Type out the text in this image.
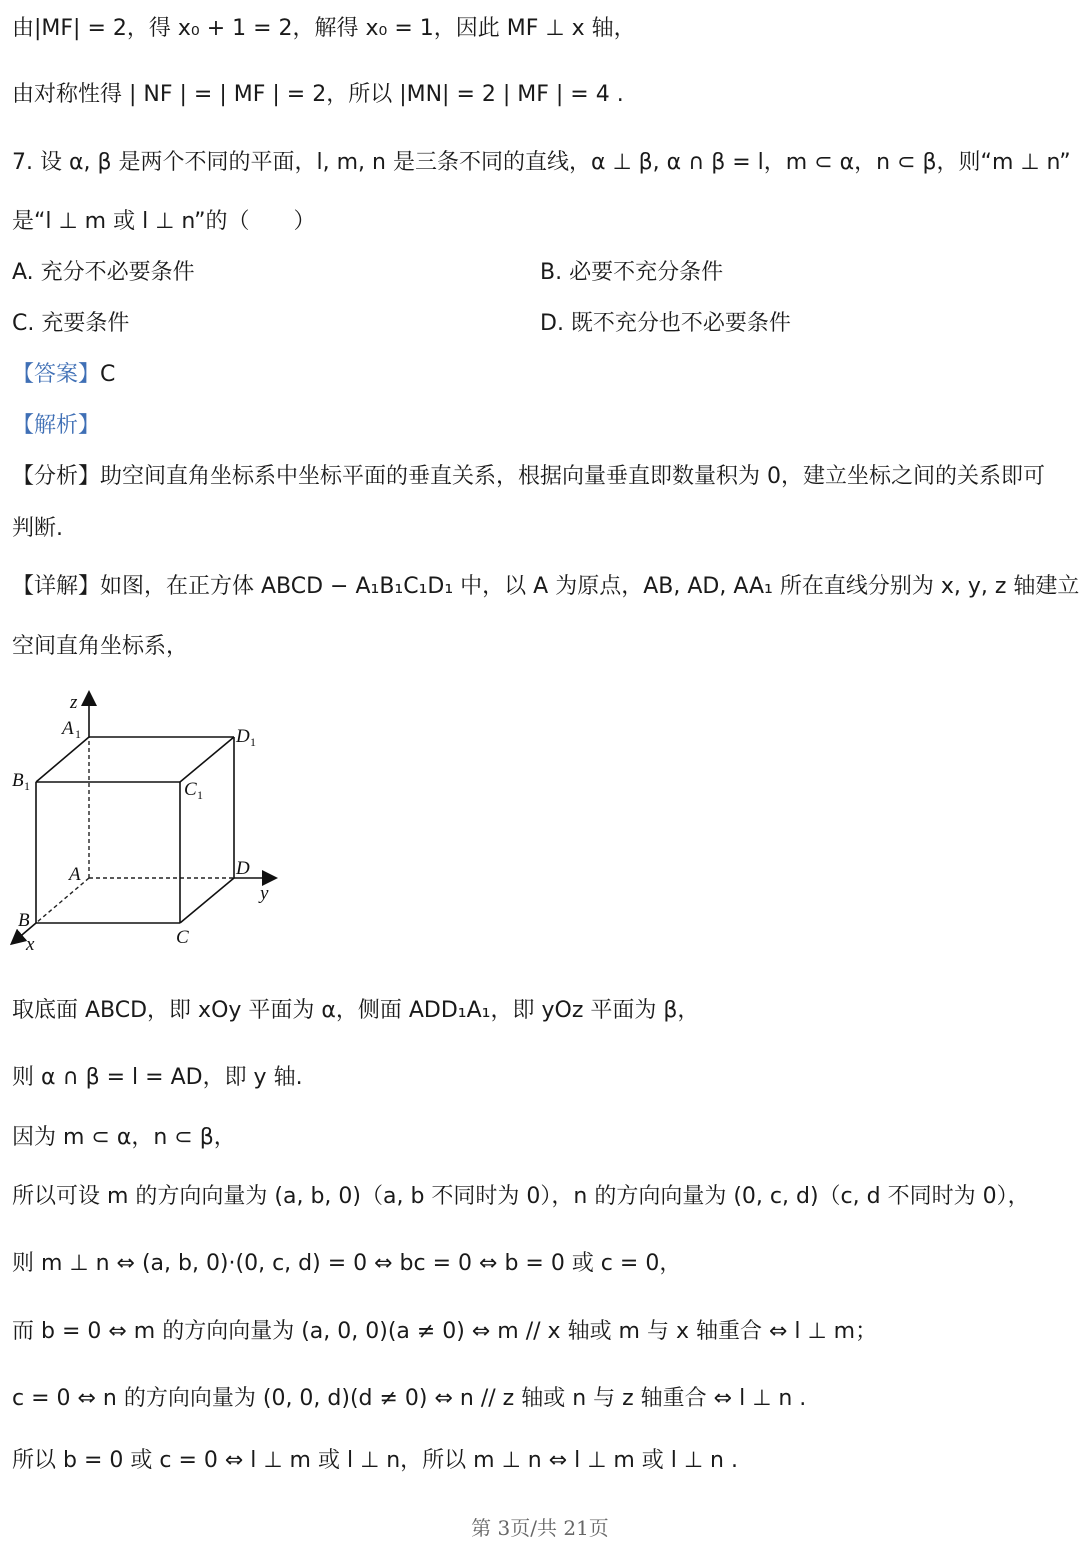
由|MF| = 2，得 x₀ + 1 = 2，解得 x₀ = 1，因此 MF ⊥ x 轴，
由对称性得 | NF | = | MF | = 2，所以 |MN| = 2 | MF | = 4 .
7. 设 α, β 是两个不同的平面，l, m, n 是三条不同的直线，α ⊥ β, α ∩ β = l，m ⊂ α，n ⊂ β，则“m ⊥ n”
是“l ⊥ m 或 l ⊥ n”的（　　）
A. 充分不必要条件	B. 必要不充分条件
C. 充要条件	D. 既不充分也不必要条件
【答案】C
【解析】
【分析】助空间直角坐标系中坐标平面的垂直关系，根据向量垂直即数量积为 0，建立坐标之间的关系即可
判断.
【详解】如图，在正方体 ABCD − A₁B₁C₁D₁ 中，以 A 为原点，AB, AD, AA₁ 所在直线分别为 x, y, z 轴建立
空间直角坐标系，
z
A 1	D 1
B 1	C 1
A	D
y
B
C
x
取底面 ABCD，即 xOy 平面为 α，侧面 ADD₁A₁，即 yOz 平面为 β，
则 α ∩ β = l = AD，即 y 轴.
因为 m ⊂ α，n ⊂ β，
所以可设 m 的方向向量为 (a, b, 0)（a, b 不同时为 0），n 的方向向量为 (0, c, d)（c, d 不同时为 0），
则 m ⊥ n ⇔ (a, b, 0)·(0, c, d) = 0 ⇔ bc = 0 ⇔ b = 0 或 c = 0，
而 b = 0 ⇔ m 的方向向量为 (a, 0, 0)(a ≠ 0) ⇔ m // x 轴或 m 与 x 轴重合 ⇔ l ⊥ m；
c = 0 ⇔ n 的方向向量为 (0, 0, d)(d ≠ 0) ⇔ n // z 轴或 n 与 z 轴重合 ⇔ l ⊥ n .
所以 b = 0 或 c = 0 ⇔ l ⊥ m 或 l ⊥ n，所以 m ⊥ n ⇔ l ⊥ m 或 l ⊥ n .
第 3页/共 21页
